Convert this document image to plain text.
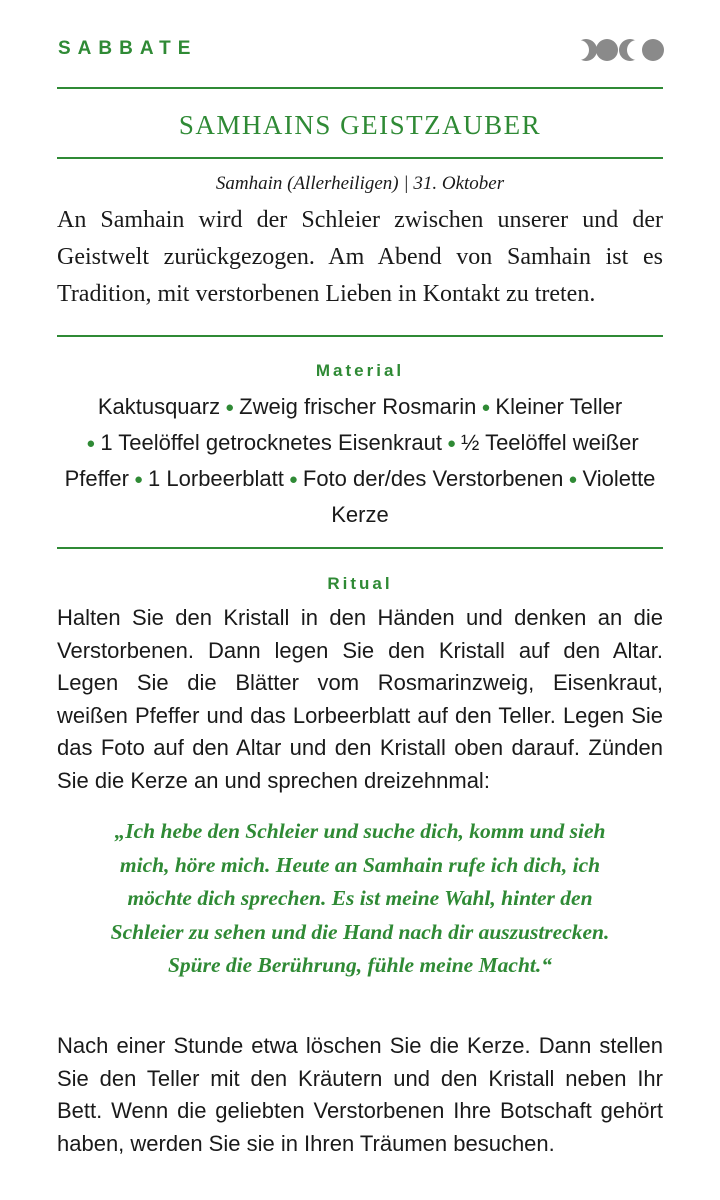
SABBATE
SAMHAINS GEISTZAUBER
Samhain (Allerheiligen) | 31. Oktober
An Samhain wird der Schleier zwischen unserer und der Geistwelt zurückgezogen. Am Abend von Samhain ist es Tradition, mit verstorbenen Lieben in Kontakt zu treten.
Material
Kaktusquarz ● Zweig frischer Rosmarin ● Kleiner Teller
● 1 Teelöffel getrocknetes Eisenkraut ● ½ Teelöffel weißer Pfeffer ● 1 Lorbeerblatt ● Foto der/des Verstorbenen ● Violette Kerze
Ritual
Halten Sie den Kristall in den Händen und denken an die Verstorbenen. Dann legen Sie den Kristall auf den Altar. Legen Sie die Blätter vom Rosmarinzweig, Eisenkraut, weißen Pfeffer und das Lorbeerblatt auf den Teller. Legen Sie das Foto auf den Altar und den Kristall oben darauf. Zünden Sie die Kerze an und sprechen dreizehnmal:
„Ich hebe den Schleier und suche dich, komm und sieh mich, höre mich. Heute an Samhain rufe ich dich, ich möchte dich sprechen. Es ist meine Wahl, hinter den Schleier zu sehen und die Hand nach dir auszustrecken. Spüre die Berührung, fühle meine Macht.“
Nach einer Stunde etwa löschen Sie die Kerze. Dann stellen Sie den Teller mit den Kräutern und den Kristall neben Ihr Bett. Wenn die geliebten Verstorbenen Ihre Botschaft gehört haben, werden Sie sie in Ihren Träumen besuchen.
